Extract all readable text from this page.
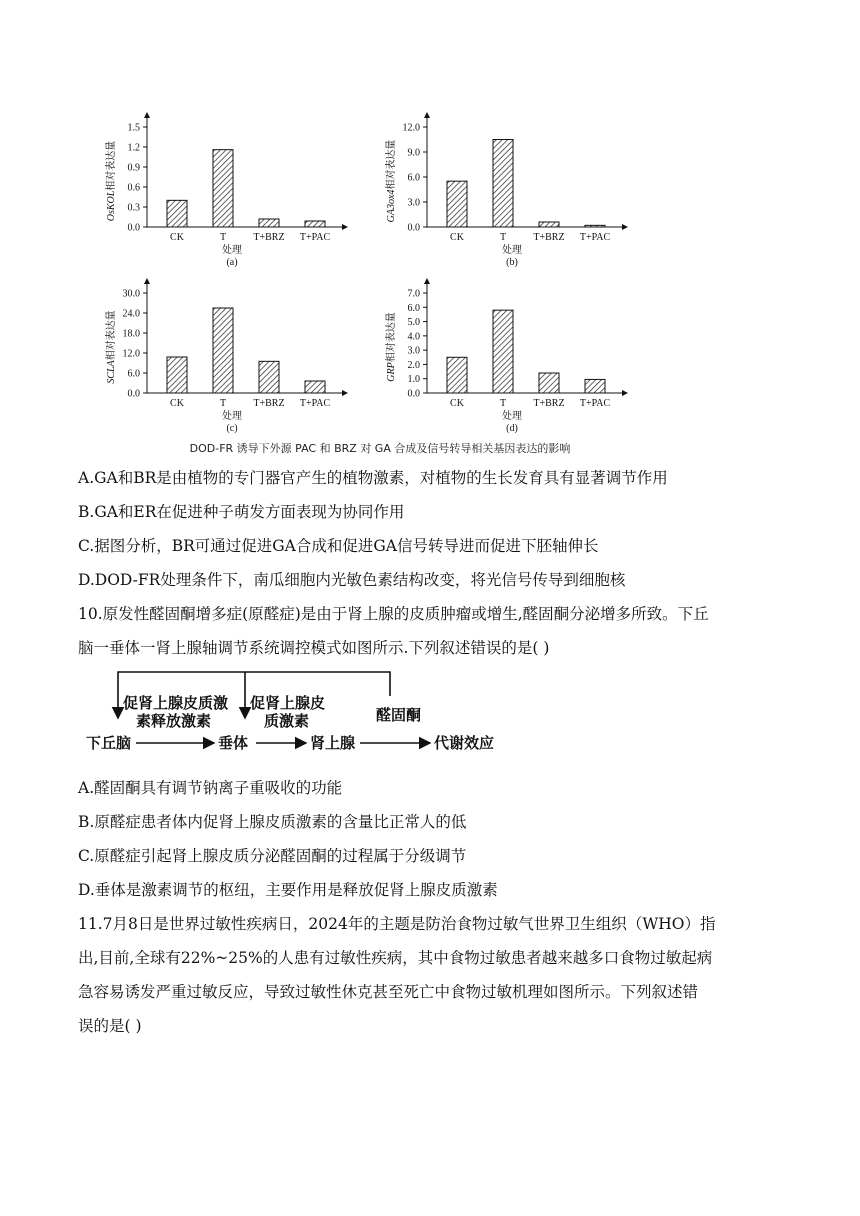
0.0
0.3
0.6
0.9
1.2
1.5
CK	T	T+BRZ T+PAC
OsKOL相对表达量
处理
(a)
0.0
3.0
6.0
9.0
12.0
CK	T	T+BRZ T+PAC
GA3ox4相对表达量
处理
(b)
0.0
6.0
12.0
18.0
24.0
30.0
CK	T	T+BRZ T+PAC
SCLA相对表达量
处理
(c)
0.0
1.0
2.0
3.0
4.0
5.0
6.0
7.0
CK	T	T+BRZ T+PAC
GRP相对表达量
处理
(d)
DOD-FR 诱导下外源 PAC 和 BRZ 对 GA 合成及信号转导相关基因表达的影响
A.GA和BR是由植物的专门器官产生的植物激素，对植物的生长发育具有显著调节作用
B.GA和ER在促进种子萌发方面表现为协同作用
C.据图分析，BR可通过促进GA合成和促进GA信号转导进而促进下胚轴伸长
D.DOD-FR处理条件下，南瓜细胞内光敏色素结构改变，将光信号传导到细胞核
10.原发性醛固酮增多症(原醛症)是由于肾上腺的皮质肿瘤或增生,醛固酮分泌增多所致。下丘
脑一垂体一肾上腺轴调节系统调控模式如图所示.下列叙述错误的是( )
促肾上腺皮质激
素释放激素
促肾上腺皮
质激素	醛固酮
下丘脑	垂体	肾上腺	代谢效应
A.醛固酮具有调节钠离子重吸收的功能
B.原醛症患者体内促肾上腺皮质激素的含量比正常人的低
C.原醛症引起肾上腺皮质分泌醛固酮的过程属于分级调节
D.垂体是激素调节的枢纽，主要作用是释放促肾上腺皮质激素
11.7月8日是世界过敏性疾病日，2024年的主题是防治食物过敏气世界卫生组织（WHO）指
出,目前,全球有22%~25%的人患有过敏性疾病，其中食物过敏患者越来越多口食物过敏起病
急容易诱发严重过敏反应，导致过敏性休克甚至死亡中食物过敏机理如图所示。下列叙述错
误的是( )
